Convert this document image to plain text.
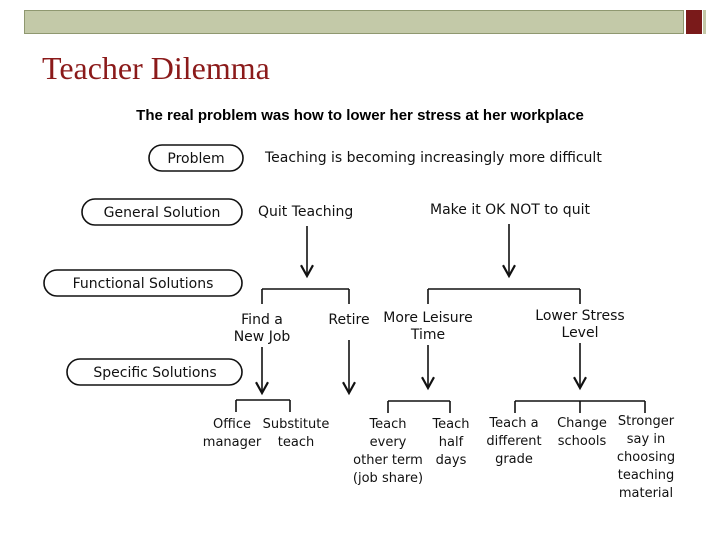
Teacher Dilemma
The real problem was how to lower her stress at her workplace
Problem
General Solution
Functional Solutions
Specific Solutions
Teaching is becoming increasingly more difficult
Quit Teaching	Make it OK NOT to quit
Find a
New Job
Retire More Leisure
Time
Lower Stress
Level
Office
manager
Substitute
teach
Teach
every
other term
(job share)
Teach
half
days
Teach a
different
grade
Change
schools
Stronger
say in
choosing
teaching
material
